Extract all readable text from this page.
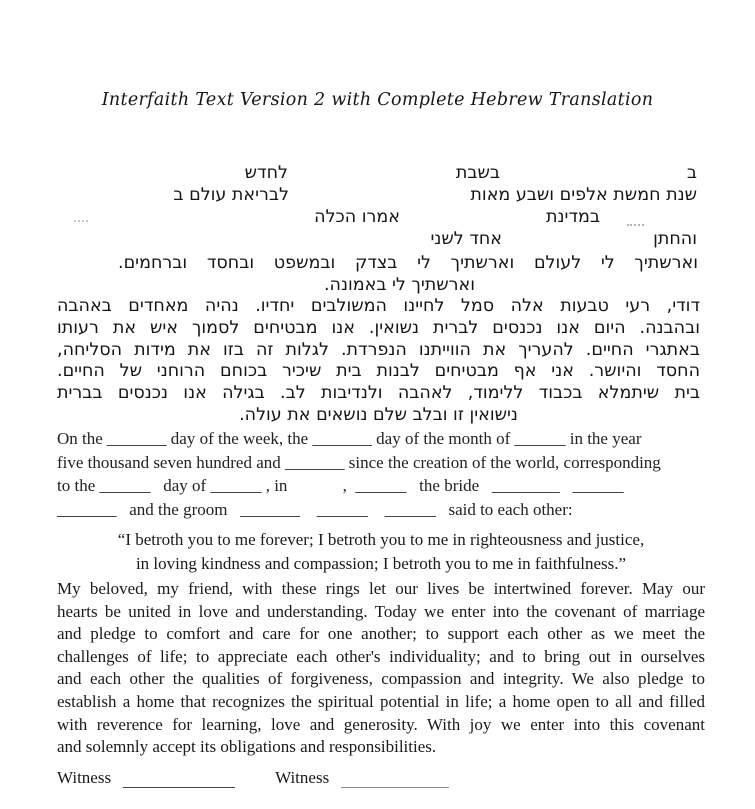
Interfaith Text Version 2 with Complete Hebrew Translation
ב
בשבת
לחדש
שנת חמשת אלפים ושבע מאות
לבריאת עולם ב
במדינת
אמרו הכלה
והחתן
אחד לשני
וארשתיך לי לעולם וארשתיך לי בצדק ובמשפט ובחסד וברחמים.
וארשתיך לי באמונה.
דודי, רעי טבעות אלה סמל לחיינו המשולבים יחדיו. נהיה מאחדים באהבה
ובהבנה. היום אנו נכנסים לברית נשואין. אנו מבטיחים לסמוך איש את רעותו
באתגרי החיים. להעריך את הווייתנו הנפרדת. לגלות זה בזו את מידות הסליחה,
החסד והיושר. אני אף מבטיחים לבנות בית שיכיר בכוחם הרוחני של החיים.
בית שיתמלא בכבוד ללימוד, לאהבה ולנדיבות לב. בגילה אנו נכנסים בברית
נישואין זו ובלב שלם נושאים את עולה.
On the _______ day of the week, the _______ day of the month of ______ in the year
five thousand seven hundred and _______ since the creation of the world, corresponding
to the ______   day of ______ , in             ,  ______   the bride   ________   ______
_______   and the groom   _______    ______    ______   said to each other:
“I betroth you to me forever; I betroth you to me in righteousness and justice,
in loving kindness and compassion; I betroth you to me in faithfulness.”
My beloved, my friend, with these rings let our lives be intertwined forever. May our
hearts be united in love and understanding. Today we enter into the covenant of marriage
and pledge to comfort and care for one another; to support each other as we meet the
challenges of life; to appreciate each other's individuality; and to bring out in ourselves
and each other the qualities of forgiveness, compassion and integrity. We also pledge to
establish a home that recognizes the spiritual potential in life; a home open to all and filled
with reverence for learning, love and generosity. With joy we enter into this covenant
and solemnly accept its obligations and responsibilities.
Witness	Witness
